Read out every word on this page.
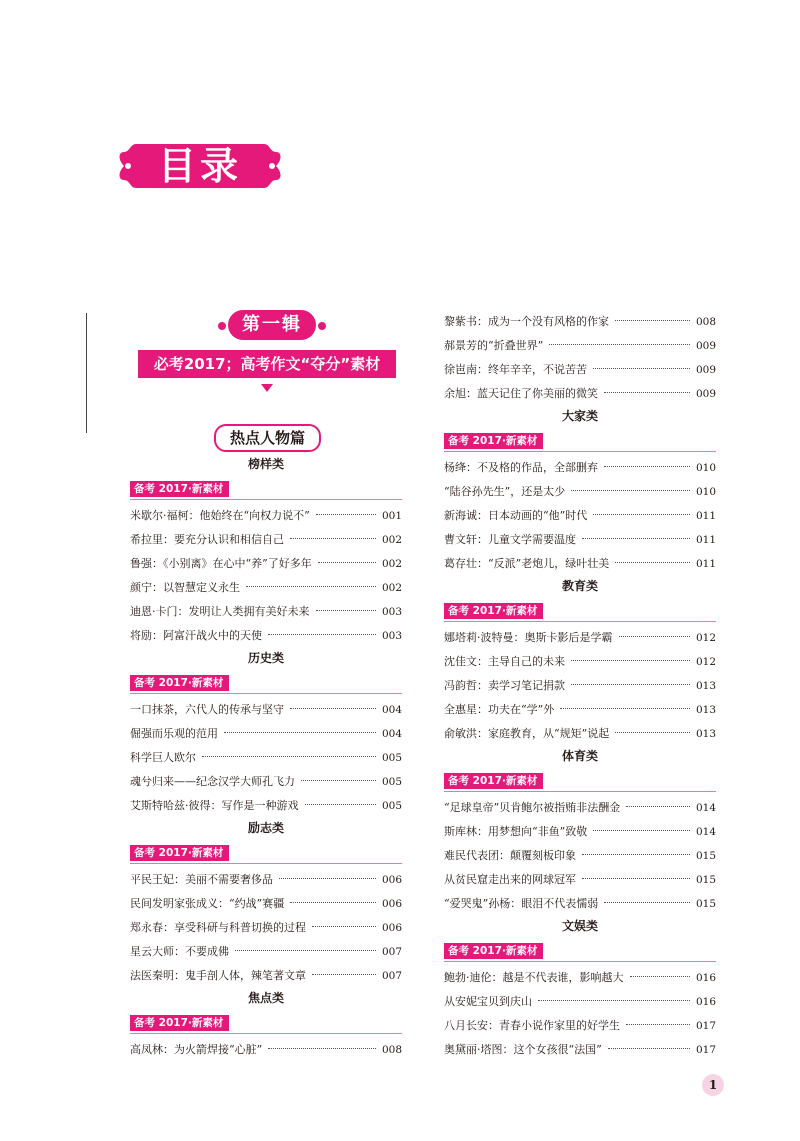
目录
第一辑
必考2017；高考作文“夺分”素材
热点人物篇
榜样类
备考 2017·新素材
米歇尔·福柯：他始终在“向权力说不”	001
希拉里：要充分认识和相信自己	002
鲁强：《小别离》在心中“养”了好多年	002
颜宁：以智慧定义永生	002
迪恩·卡门：发明让人类拥有美好未来	003
将励：阿富汗战火中的天使	003
历史类
备考 2017·新素材
一口抹茶，六代人的传承与坚守	004
倔强而乐观的范用	004
科学巨人欧尔	005
魂兮归来——纪念汉学大师孔飞力	005
艾斯特哈兹·彼得：写作是一种游戏	005
励志类
备考 2017·新素材
平民王妃：美丽不需要奢侈品	006
民间发明家张成义：“约战”赛疆	006
郑永春：享受科研与科普切换的过程	006
星云大师：不要成佛	007
法医秦明：鬼手剖人体，辣笔著文章	007
焦点类
备考 2017·新素材
高凤林：为火箭焊接“心脏”	008
黎紫书：成为一个没有风格的作家	008
郝景芳的“折叠世界”	009
徐岜南：终年辛辛，不说苦苦	009
余旭：蓝天记住了你美丽的微笑	009
大家类
备考 2017·新素材
杨绛：不及格的作品，全部删弃	010
“陆谷孙先生”，还是太少	010
新海诚：日本动画的“他”时代	011
曹文轩：儿童文学需要温度	011
葛存壮：“反派”老炮儿，绿叶壮美	011
教育类
备考 2017·新素材
娜塔莉·波特曼：奥斯卡影后是学霸	012
沈佳文：主导自己的未来	012
冯韵哲：卖学习笔记捐款	013
全惠星：功夫在“学”外	013
俞敏洪：家庭教育，从“规矩”说起	013
体育类
备考 2017·新素材
“足球皇帝”贝肯鲍尔被指贿非法酬金	014
斯库林：用梦想向“非鱼”致敬	014
难民代表团：颠覆刻板印象	015
从贫民窟走出来的网球冠军	015
“爱哭鬼”孙杨：眼泪不代表懦弱	015
文娱类
备考 2017·新素材
鲍勃·迪伦：越是不代表谁，影响越大	016
从安妮宝贝到庆山	016
八月长安：青春小说作家里的好学生	017
奥黛丽·塔图：这个女孩很“法国”	017
1
